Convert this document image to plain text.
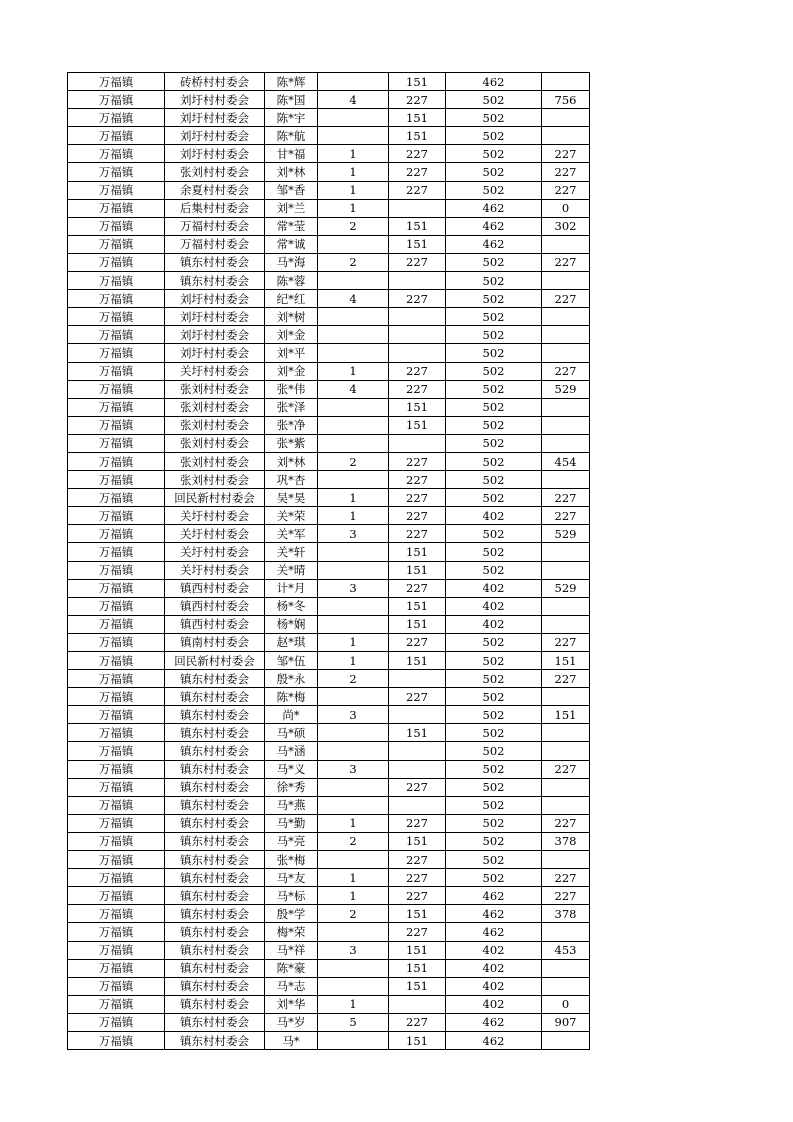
万福镇	砖桥村村委会	陈*辉		151	462	
万福镇	刘圩村村委会	陈*国	4	227	502	756
万福镇	刘圩村村委会	陈*宇		151	502	
万福镇	刘圩村村委会	陈*航		151	502	
万福镇	刘圩村村委会	甘*福	1	227	502	227
万福镇	张刘村村委会	刘*林	1	227	502	227
万福镇	余夏村村委会	邹*香	1	227	502	227
万福镇	后集村村委会	刘*兰	1		462	0
万福镇	万福村村委会	常*莹	2	151	462	302
万福镇	万福村村委会	常*诚		151	462	
万福镇	镇东村村委会	马*海	2	227	502	227
万福镇	镇东村村委会	陈*蓉			502	
万福镇	刘圩村村委会	纪*红	4	227	502	227
万福镇	刘圩村村委会	刘*树			502	
万福镇	刘圩村村委会	刘*金			502	
万福镇	刘圩村村委会	刘*平			502	
万福镇	关圩村村委会	刘*金	1	227	502	227
万福镇	张刘村村委会	张*伟	4	227	502	529
万福镇	张刘村村委会	张*泽		151	502	
万福镇	张刘村村委会	张*净		151	502	
万福镇	张刘村村委会	张*紫			502	
万福镇	张刘村村委会	刘*林	2	227	502	454
万福镇	张刘村村委会	巩*杏		227	502	
万福镇	回民新村村委会	吴*昊	1	227	502	227
万福镇	关圩村村委会	关*荣	1	227	402	227
万福镇	关圩村村委会	关*军	3	227	502	529
万福镇	关圩村村委会	关*轩		151	502	
万福镇	关圩村村委会	关*晴		151	502	
万福镇	镇西村村委会	计*月	3	227	402	529
万福镇	镇西村村委会	杨*冬		151	402	
万福镇	镇西村村委会	杨*娴		151	402	
万福镇	镇南村村委会	赵*琪	1	227	502	227
万福镇	回民新村村委会	邹*伍	1	151	502	151
万福镇	镇东村村委会	殷*永	2		502	227
万福镇	镇东村村委会	陈*梅		227	502	
万福镇	镇东村村委会	尚*	3		502	151
万福镇	镇东村村委会	马*硕		151	502	
万福镇	镇东村村委会	马*涵			502	
万福镇	镇东村村委会	马*义	3		502	227
万福镇	镇东村村委会	徐*秀		227	502	
万福镇	镇东村村委会	马*燕			502	
万福镇	镇东村村委会	马*勤	1	227	502	227
万福镇	镇东村村委会	马*亮	2	151	502	378
万福镇	镇东村村委会	张*梅		227	502	
万福镇	镇东村村委会	马*友	1	227	502	227
万福镇	镇东村村委会	马*标	1	227	462	227
万福镇	镇东村村委会	殷*学	2	151	462	378
万福镇	镇东村村委会	梅*荣		227	462	
万福镇	镇东村村委会	马*祥	3	151	402	453
万福镇	镇东村村委会	陈*豪		151	402	
万福镇	镇东村村委会	马*志		151	402	
万福镇	镇东村村委会	刘*华	1		402	0
万福镇	镇东村村委会	马*岁	5	227	462	907
万福镇	镇东村村委会	马*		151	462	
